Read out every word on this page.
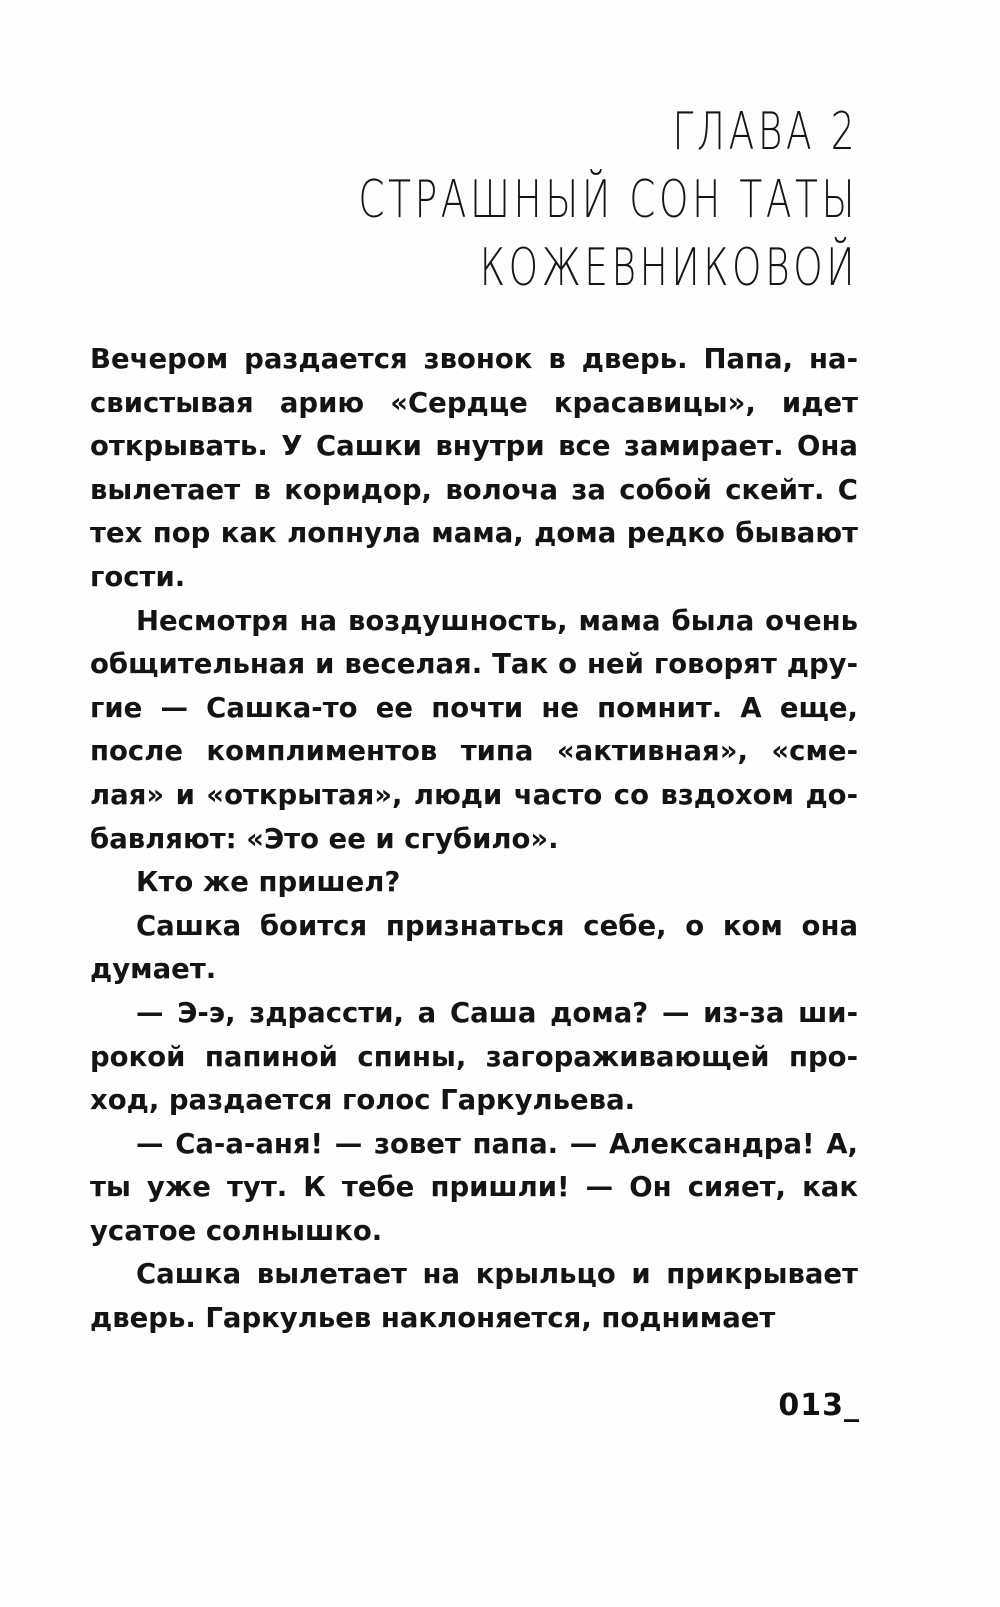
ГЛАВА 2
СТРАШНЫЙ СОН ТАТЫ
КОЖЕВНИКОВОЙ

Вечером раздается звонок в дверь. Папа, насвистывая арию «Сердце красавицы», идет открывать. У Сашки внутри все замирает. Она вылетает в коридор, волоча за собой скейт. С тех пор как лопнула мама, дома редко бывают гости.

Несмотря на воздушность, мама была очень общительная и веселая. Так о ней говорят другие — Сашка-то ее почти не помнит. А еще, после комплиментов типа «активная», «смелая» и «открытая», люди часто со вздохом добавляют: «Это ее и сгубило».

Кто же пришел?

Сашка боится признаться себе, о ком она думает.

— Э-э, здрассти, а Саша дома? — из-за широкой папиной спины, загораживающей проход, раздается голос Гаркульева.

— Са-а-аня! — зовет папа. — Александра! А, ты уже тут. К тебе пришли! — Он сияет, как усатое солнышко.

Сашка вылетает на крыльцо и прикрывает дверь. Гаркульев наклоняется, поднимает

013_
